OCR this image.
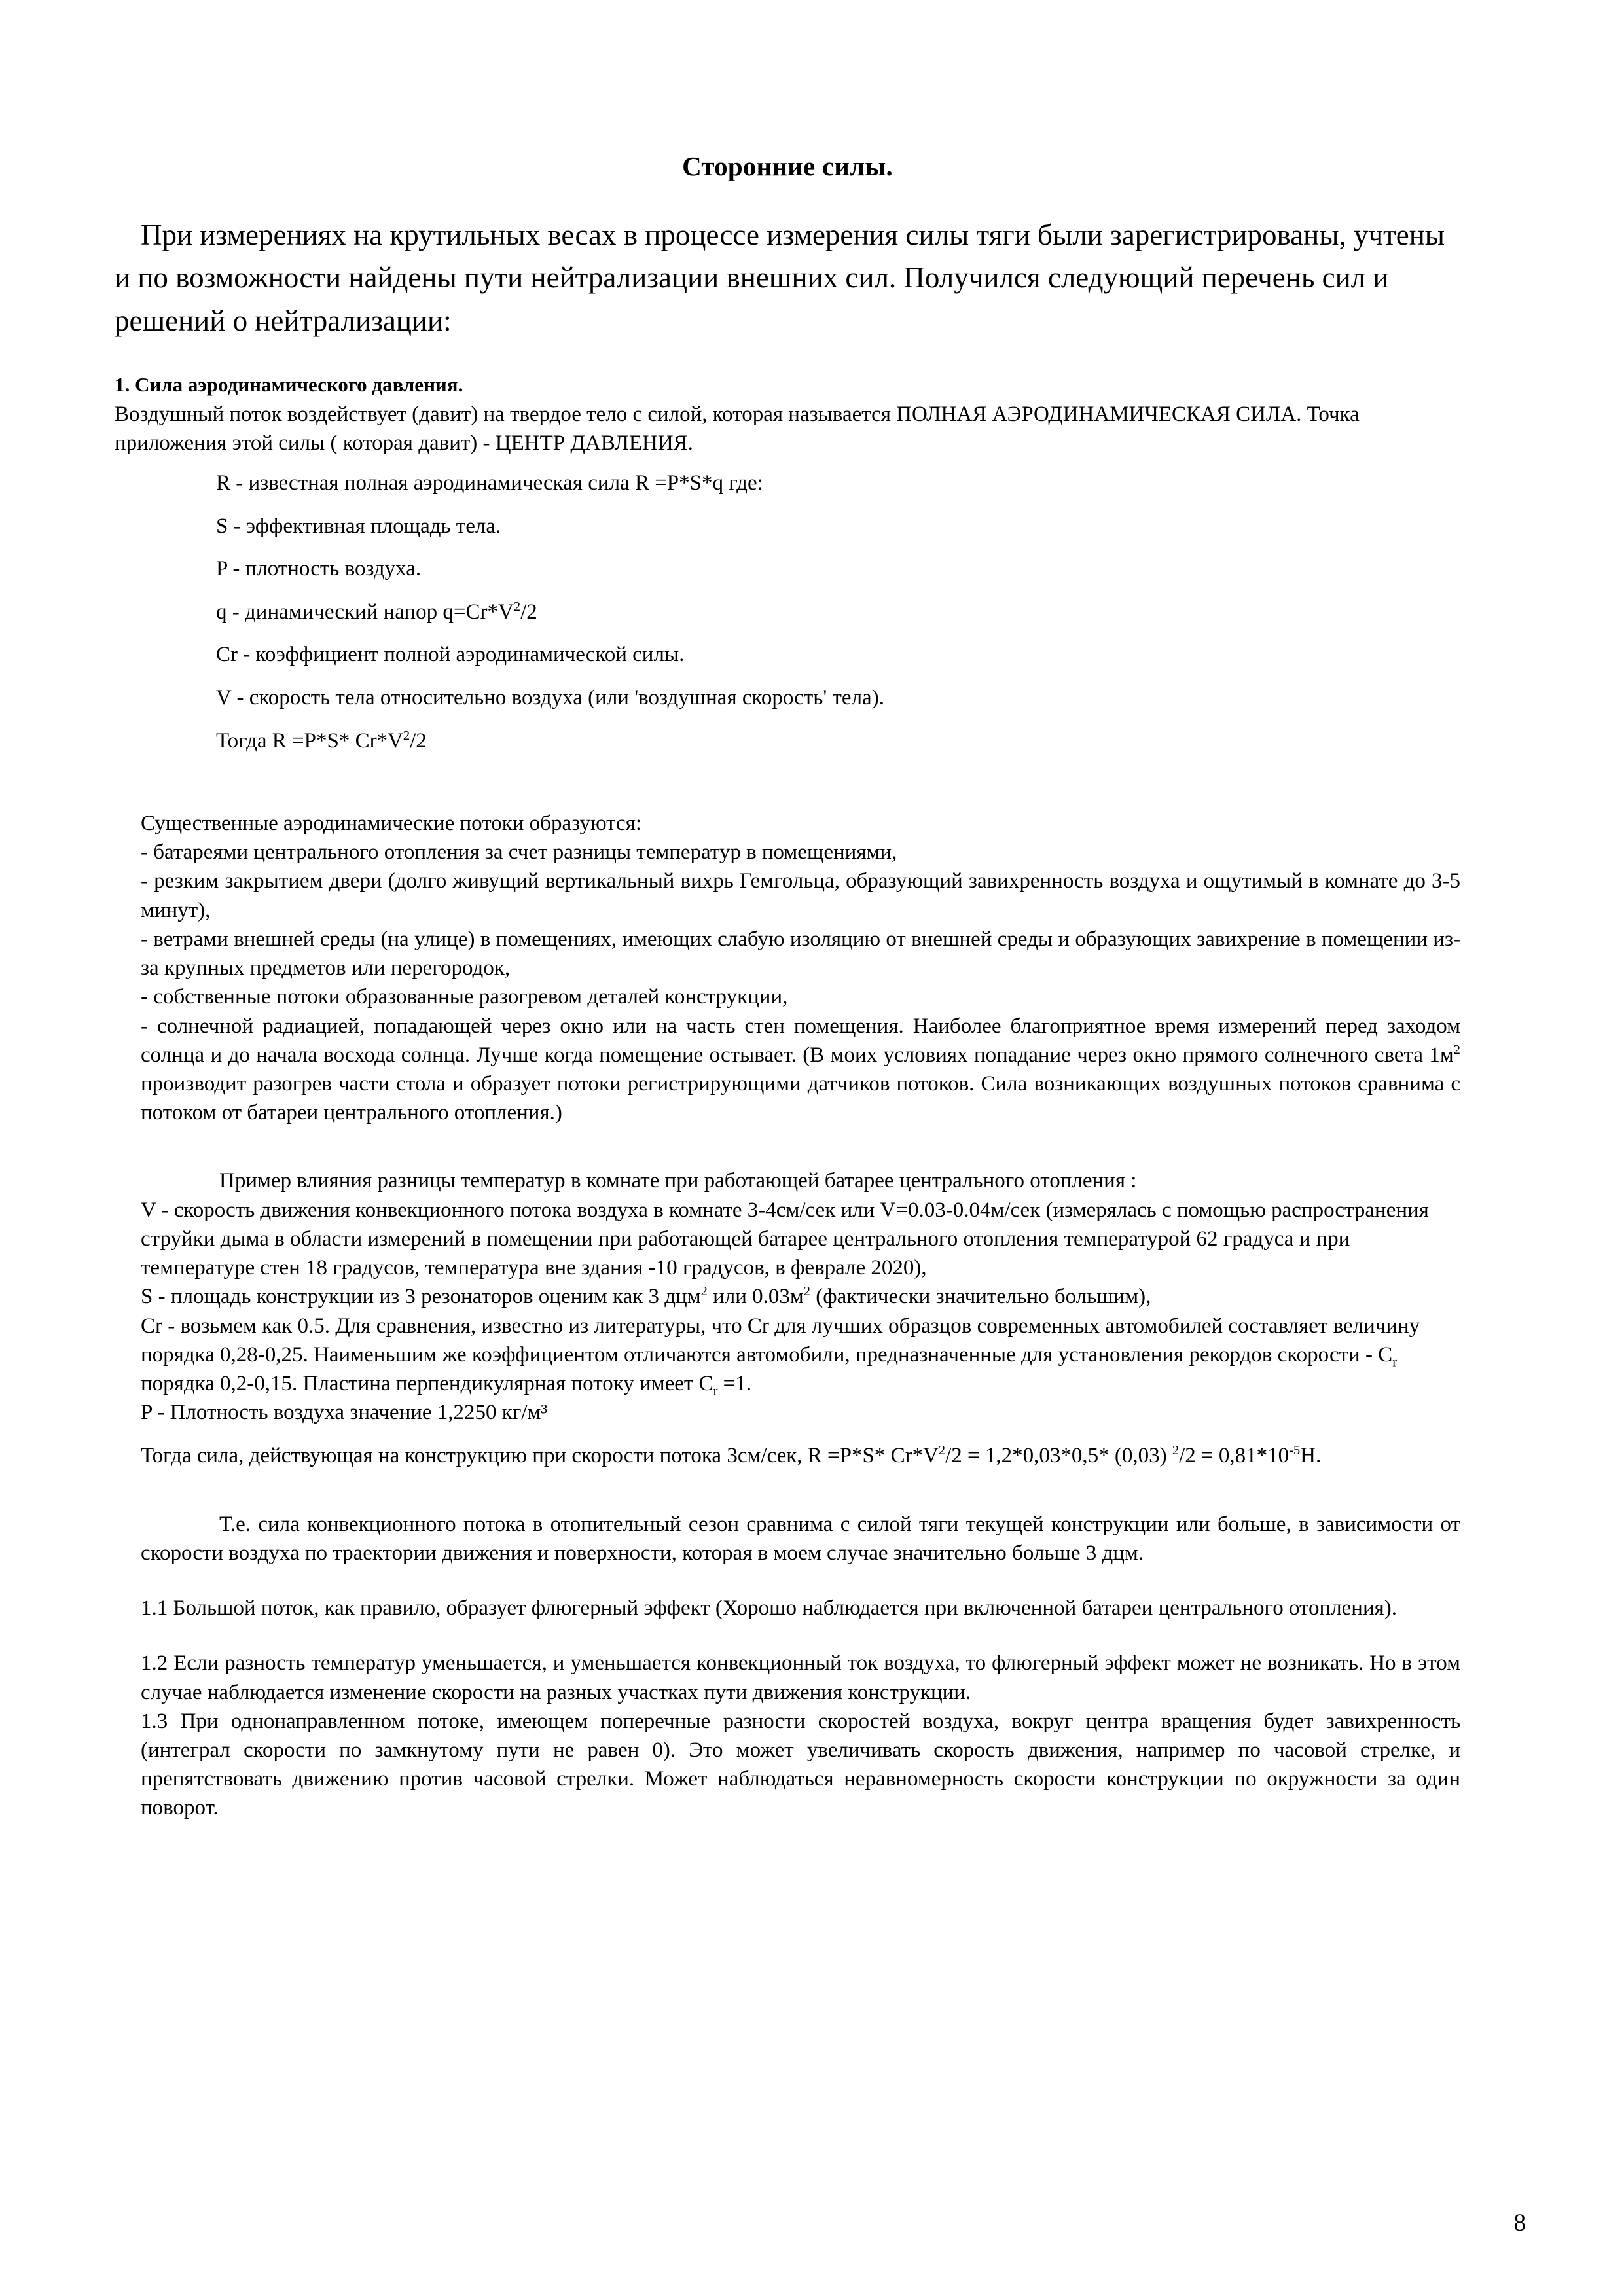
Сторонние силы.

При измерениях на крутильных весах в процессе измерения силы тяги были зарегистрированы, учтены и по возможности найдены пути нейтрализации внешних сил. Получился следующий перечень сил и решений о нейтрализации:

1. Сила аэродинамического давления.

Воздушный поток воздействует (давит) на твердое тело с силой, которая называется ПОЛНАЯ АЭРОДИНАМИЧЕСКАЯ СИЛА. Точка приложения этой силы ( которая давит) - ЦЕНТР ДАВЛЕНИЯ.

R - известная полная аэродинамическая сила R =P*S*q где:
S - эффективная площадь тела.
P - плотность воздуха.
q - динамический напор $q=Cr*V^2/2$
Cr - коэффициент полной аэродинамической силы.
V - скорость тела относительно воздуха (или 'воздушная скорость' тела).
Тогда R =P*S* $Cr*V^2/2$

Существенные аэродинамические потоки образуются:

- батареями центрального отопления за счет разницы температур в помещениями,

- резким закрытием двери (долго живущий вертикальный вихрь Гемгольца, образующий завихренность воздуха и ощутимый в комнате до 3-5 минут),

- ветрами внешней среды (на улице) в помещениях, имеющих слабую изоляцию от внешней среды и образующих завихрение в помещении из-за крупных предметов или перегородок,

- собственные потоки образованные разогревом деталей конструкции,

- солнечной радиацией, попадающей через окно или на часть стен помещения. Наиболее благоприятное время измерений перед заходом солнца и до начала восхода солнца. Лучше когда помещение остывает. (В моих условиях попадание через окно прямого солнечного света $1м^2$ производит разогрев части стола и образует потоки регистрирующими датчиков потоков. Сила возникающих воздушных потоков сравнима с потоком от батареи центрального отопления.)

Пример влияния разницы температур в комнате при работающей батарее центрального отопления :

V - скорость движения конвекционного потока воздуха в комнате 3-4см/сек или V=0.03-0.04м/сек (измерялась с помощью распространения струйки дыма в области измерений в помещении при работающей батарее центрального отопления температурой 62 градуса и при температуре стен 18 градусов, температура вне здания -10 градусов, в феврале 2020),

S - площадь конструкции из 3 резонаторов оценим как 3 дцм$^2$ или $0.03м^2$ (фактически значительно большим),

Cr - возьмем как 0.5. Для сравнения, известно из литературы, что Cr для лучших образцов современных автомобилей составляет величину порядка 0,28-0,25. Наименьшим же коэффициентом отличаются автомобили, предназначенные для установления рекордов скорости - $C_r$ порядка 0,2-0,15. Пластина перпендикулярная потоку имеет $C_r =1$.

P - Плотность воздуха значение 1,2250 кг/м³

Тогда сила, действующая на конструкцию при скорости потока 3см/сек, R =P*S* $Cr*V^2/2 = 1,2*0,03*0,5*$ (0,03) $^2/2 = 0,81*10^{-5}Н$.

Т.е. сила конвекционного потока в отопительный сезон сравнима с силой тяги текущей конструкции или больше, в зависимости от скорости воздуха по траектории движения и поверхности, которая в моем случае значительно больше 3 дцм.

1.1 Большой поток, как правило, образует флюгерный эффект (Хорошо наблюдается при включенной батареи центрального отопления).

1.2 Если разность температур уменьшается, и уменьшается конвекционный ток воздуха, то флюгерный эффект может не возникать. Но в этом случае наблюдается изменение скорости на разных участках пути движения конструкции.

1.3 При однонаправленном потоке, имеющем поперечные разности скоростей воздуха, вокруг центра вращения будет завихренность (интеграл скорости по замкнутому пути не равен 0). Это может увеличивать скорость движения, например по часовой стрелке, и препятствовать движению против часовой стрелки. Может наблюдаться неравномерность скорости конструкции по окружности за один поворот.

8
